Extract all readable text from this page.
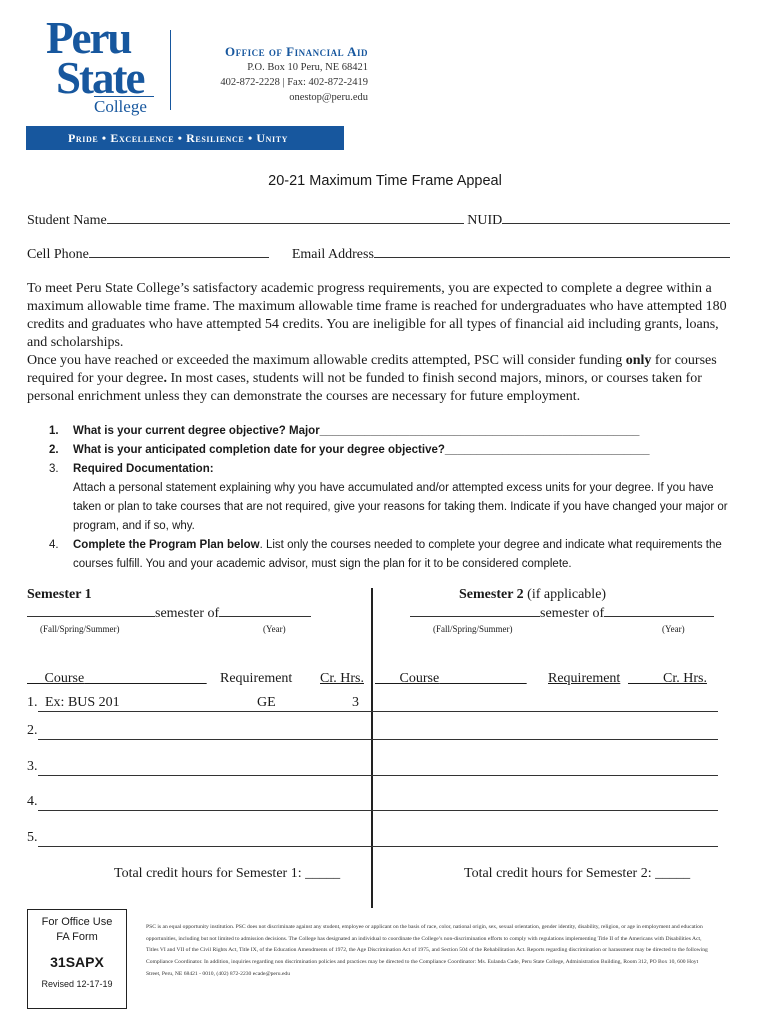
Peru
State
College
Office of Financial Aid
P.O. Box 10 Peru, NE 68421
402-872-2228 | Fax: 402-872-2419
onestop@peru.edu
Pride • Excellence • Resilience • Unity
20-21 Maximum Time Frame Appeal
Student Name	NUID
Cell Phone	Email Address
To meet Peru State College’s satisfactory academic progress requirements, you are expected to complete a degree within a maximum allowable time frame. The maximum allowable time frame is reached for undergraduates who have attempted 180 credits and graduates who have attempted 54 credits. You are ineligible for all types of financial aid including grants, loans, and scholarships.
Once you have reached or exceeded the maximum allowable credits attempted, PSC will consider funding only for courses required for your degree. In most cases, students will not be funded to finish second majors, minors, or courses taken for personal enrichment unless they can demonstrate the courses are necessary for future employment.
1. What is your current degree objective? Major__________________________________________________
2. What is your anticipated completion date for your degree objective?________________________________
3. Required Documentation:
Attach a personal statement explaining why you have accumulated and/or attempted excess units for your degree. If you have taken or plan to take courses that are not required, give your reasons for taking them. Indicate if you have changed your major or program, and if so, why.
4. Complete the Program Plan below. List only the courses needed to complete your degree and indicate what requirements the courses fulfill. You and your academic advisor, must sign the plan for it to be considered complete.
Semester 1
semester of
(Fall/Spring/Summer)	(Year)
Semester 2 (if applicable)
semester of
(Fall/Spring/Summer)	(Year)
Course	Requirement Cr. Hrs.	Course	Requirement	Cr. Hrs.
1. Ex: BUS 201	GE	3
2.
3.
4.
5.
Total credit hours for Semester 1: _____	Total credit hours for Semester 2: _____
For Office Use
FA Form
31SAPX
Revised 12-17-19
PSC is an equal opportunity institution. PSC does not discriminate against any student, employee or applicant on the basis of race, color, national origin, sex, sexual orientation, gender identity, disability, religion, or age in employment and education opportunities, including but not limited to admission decisions. The College has designated an individual to coordinate the College’s non-discrimination efforts to comply with regulations implementing Title II of the Americans with Disabilities Act, Titles VI and VII of the Civil Rights Act, Title IX, of the Education Amendments of 1972, the Age Discrimination Act of 1975, and Section 504 of the Rehabilitation Act. Reports regarding discrimination or harassment may be directed to the following Compliance Coordinator. In addition, inquiries regarding non discrimination policies and practices may be directed to the Compliance Coordinator: Ms. Eulanda Cade, Peru State College, Administration Building, Room 312, PO Box 10, 600 Hoyt Street, Peru, NE 68421 - 0010, (402) 872-2230 ecade@peru.edu
